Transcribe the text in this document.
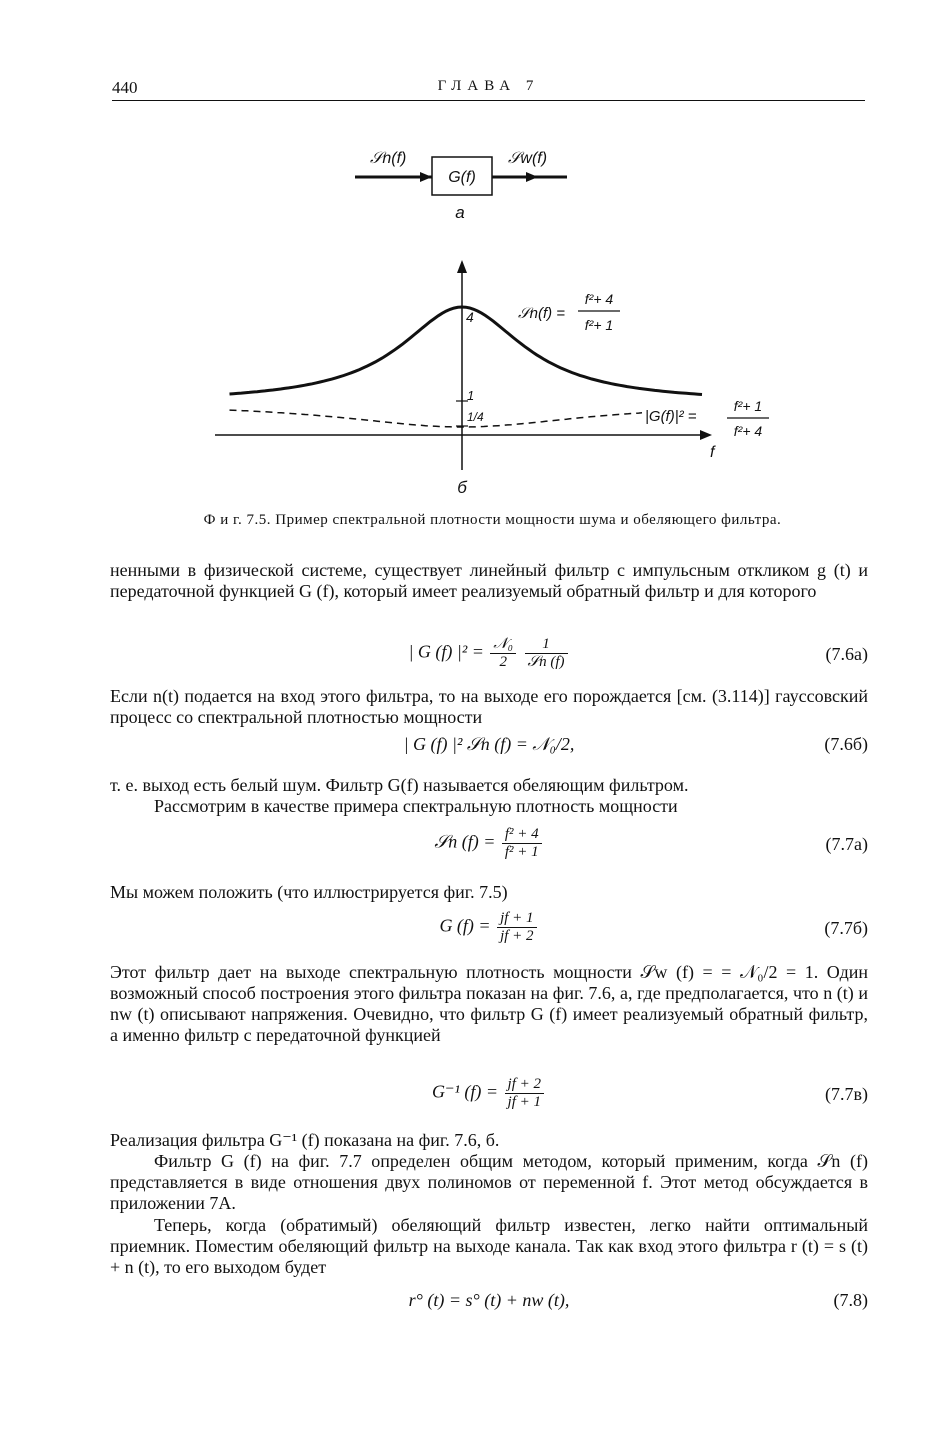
440	ГЛАВА 7
𝒮n(f)
G(f)
𝒮w(f)
а
4
1
1/4
f
б
𝒮n(f) =
f²+ 4
f²+ 1
|G(f)|² =
f²+ 1
f²+ 4
Ф и г. 7.5. Пример спектральной плотности мощности шума и обеляющего фильтра.
ненными в физической системе, существует линейный фильтр с импульсным откликом g (t) и передаточной функцией G (f), который имеет реализуемый обратный фильтр и для которого
| G (f) $|^2 = \frac{\text{𝒩₀}}{2}$
$\frac{1}{\text{𝒮n (f)}}$	(7.6а)
Если n(t) подается на вход этого фильтра, то на выходе его порождается [см. (3.114)] гауссовский процесс со спектральной плотностью мощности
| G (f) |² 𝒮n (f) = 𝒩₀/2,	(7.6б)
т. е. выход есть белый шум. Фильтр G(f) называется обеляющим фильтром.
Рассмотрим в качестве примера спектральную плотность мощности
𝒮n $(f) = \frac{\text{f² + 4}}{\text{f² + 1}}$	(7.7а)
Мы можем положить (что иллюстрируется фиг. 7.5)
G $(f) = \frac{jf + 1}{jf + 2}$	(7.7б)
Этот фильтр дает на выходе спектральную плотность мощности 𝒮w (f) = = 𝒩₀/2 = 1. Один возможный способ построения этого фильтра показан на фиг. 7.6, а, где предполагается, что n (t) и nw (t) описывают напряжения. Очевидно, что фильтр G (f) имеет реализуемый обратный фильтр, а именно фильтр с передаточной функцией
G⁻¹ $(f) = \frac{jf + 2}{jf + 1}$	(7.7в)
Реализация фильтра G⁻¹ (f) показана на фиг. 7.6, б.
Фильтр G (f) на фиг. 7.7 определен общим методом, который применим, когда 𝒮n (f) представляется в виде отношения двух полиномов от переменной f. Этот метод обсуждается в приложении 7А.
Теперь, когда (обратимый) обеляющий фильтр известен, легко найти оптимальный приемник. Поместим обеляющий фильтр на выходе канала. Так как вход этого фильтра r (t) = s (t) + n (t), то его выходом будет
r° (t) = s° (t) + nw (t),	(7.8)
